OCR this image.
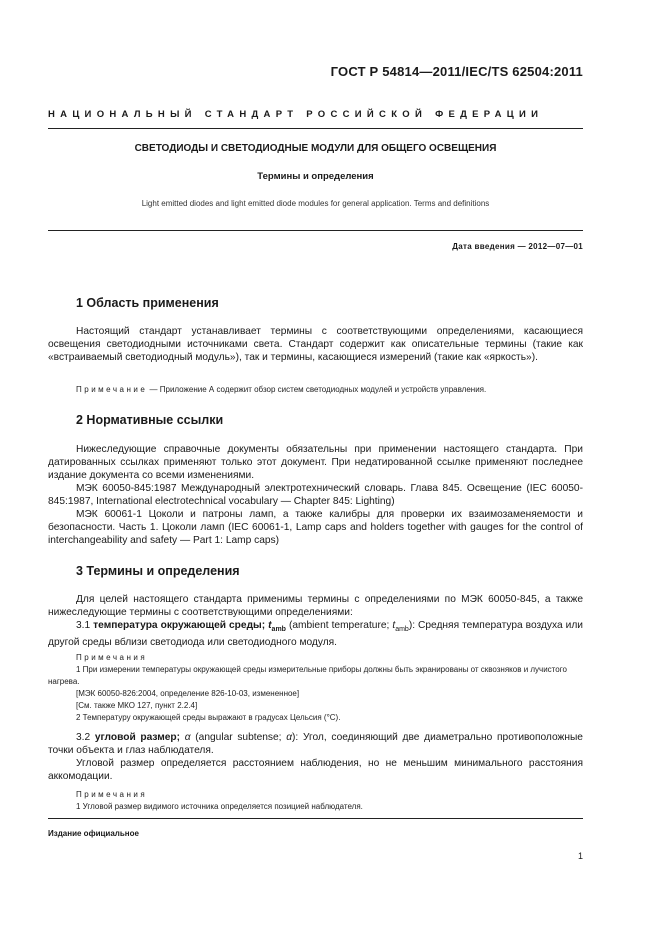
ГОСТ Р 54814—2011/IEC/TS 62504:2011
НАЦИОНАЛЬНЫЙ СТАНДАРТ РОССИЙСКОЙ ФЕДЕРАЦИИ
СВЕТОДИОДЫ И СВЕТОДИОДНЫЕ МОДУЛИ ДЛЯ ОБЩЕГО ОСВЕЩЕНИЯ
Термины и определения
Light emitted diodes and light emitted diode modules for general application. Terms and definitions
Дата введения — 2012—07—01
1 Область применения
Настоящий стандарт устанавливает термины с соответствующими определениями, касающиеся освещения светодиодными источниками света. Стандарт содержит как описательные термины (такие как «встраиваемый светодиодный модуль»), так и термины, касающиеся измерений (такие как «яркость»).
Примечание — Приложение А содержит обзор систем светодиодных модулей и устройств управления.
2 Нормативные ссылки
Нижеследующие справочные документы обязательны при применении настоящего стандарта. При датированных ссылках применяют только этот документ. При недатированной ссылке применяют последнее издание документа со всеми изменениями.
МЭК 60050-845:1987 Международный электротехнический словарь. Глава 845. Освещение (IEC 60050-845:1987, International electrotechnical vocabulary — Chapter 845: Lighting)
МЭК 60061-1 Цоколи и патроны ламп, а также калибры для проверки их взаимозаменяемости и безопасности. Часть 1. Цоколи ламп (IEC 60061-1, Lamp caps and holders together with gauges for the control of interchangeability and safety — Part 1: Lamp caps)
3 Термины и определения
Для целей настоящего стандарта применимы термины с определениями по МЭК 60050-845, а также нижеследующие термины с соответствующими определениями:
3.1 температура окружающей среды; $t_{amb}$ (ambient temperature; $t_{amb}$): Средняя температура воздуха или другой среды вблизи светодиода или светодиодного модуля.
Примечания
1 При измерении температуры окружающей среды измерительные приборы должны быть экранированы от сквозняков и лучистого нагрева.
[МЭК 60050-826:2004, определение 826-10-03, измененное]
[См. также МКО 127, пункт 2.2.4]
2 Температуру окружающей среды выражают в градусах Цельсия (°С).
3.2 угловой размер; α (angular subtense; α): Угол, соединяющий две диаметрально противоположные точки объекта и глаз наблюдателя.
Угловой размер определяется расстоянием наблюдения, но не меньшим минимального расстояния аккомодации.
Примечания
1 Угловой размер видимого источника определяется позицией наблюдателя.
Издание официальное
1
